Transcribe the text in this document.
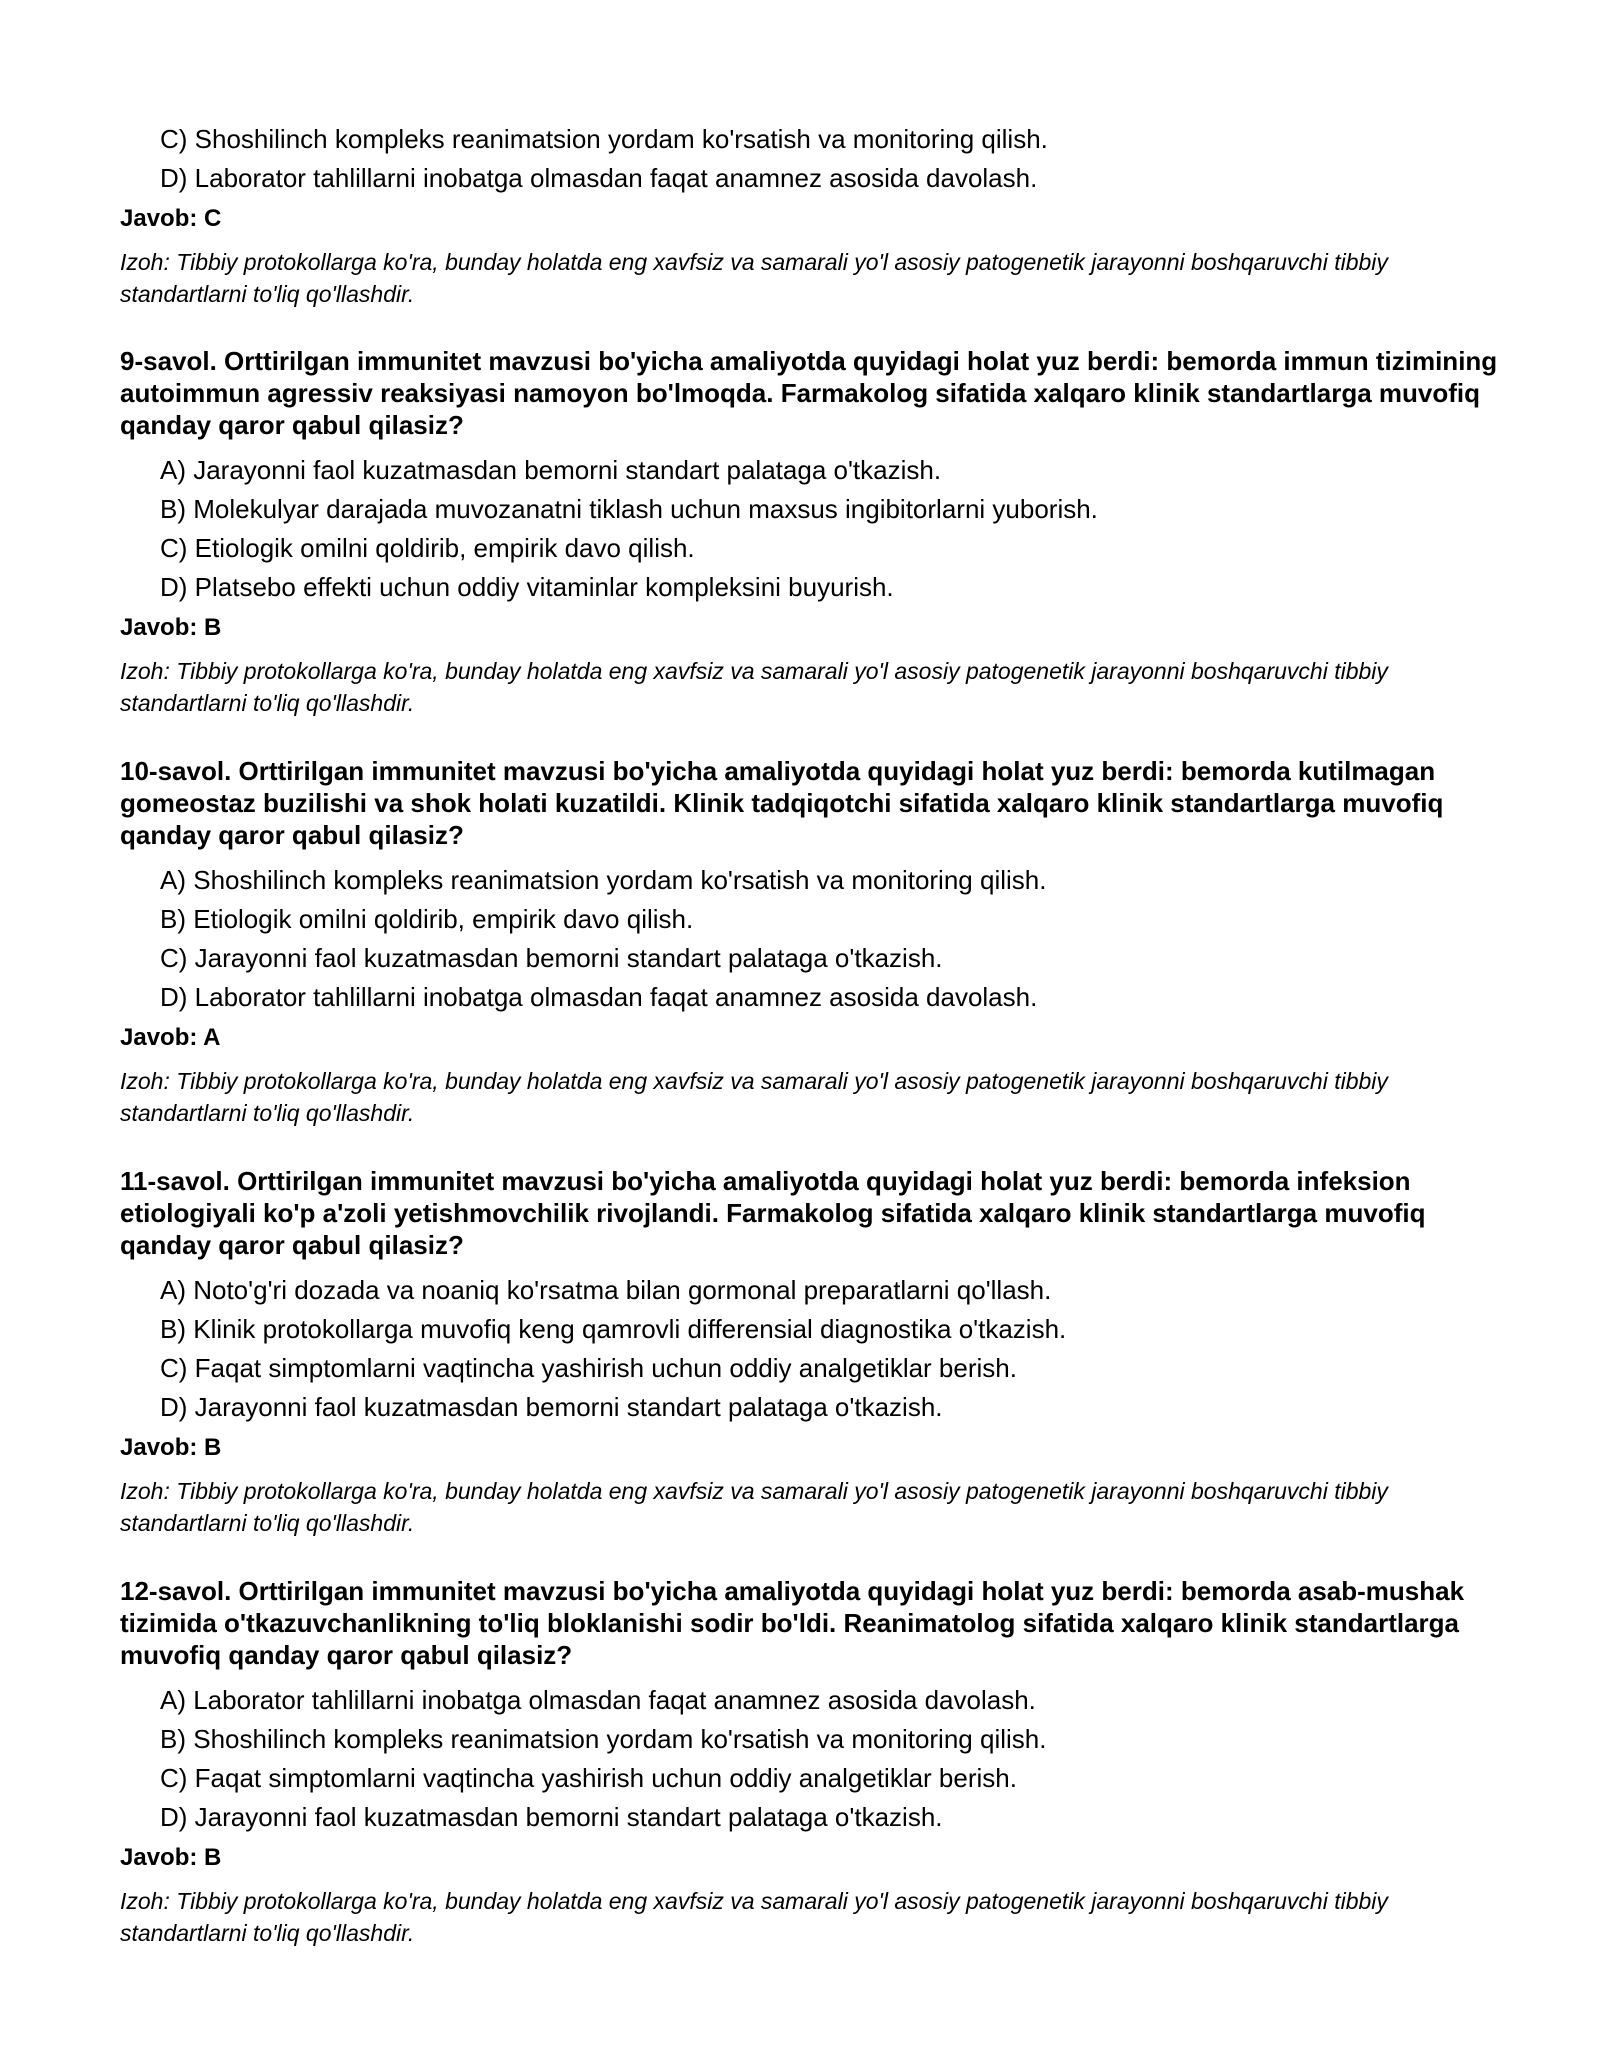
C) Shoshilinch kompleks reanimatsion yordam ko'rsatish va monitoring qilish.

D) Laborator tahlillarni inobatga olmasdan faqat anamnez asosida davolash.

Javob: C

Izoh: Tibbiy protokollarga ko'ra, bunday holatda eng xavfsiz va samarali yo'l asosiy patogenetik jarayonni boshqaruvchi tibbiy standartlarni to'liq qo'llashdir.

9-savol. Orttirilgan immunitet mavzusi bo'yicha amaliyotda quyidagi holat yuz berdi: bemorda immun tizimining autoimmun agressiv reaksiyasi namoyon bo'lmoqda. Farmakolog sifatida xalqaro klinik standartlarga muvofiq qanday qaror qabul qilasiz?

A) Jarayonni faol kuzatmasdan bemorni standart palataga o'tkazish.

B) Molekulyar darajada muvozanatni tiklash uchun maxsus ingibitorlarni yuborish.

C) Etiologik omilni qoldirib, empirik davo qilish.

D) Platsebo effekti uchun oddiy vitaminlar kompleksini buyurish.

Javob: B

Izoh: Tibbiy protokollarga ko'ra, bunday holatda eng xavfsiz va samarali yo'l asosiy patogenetik jarayonni boshqaruvchi tibbiy standartlarni to'liq qo'llashdir.

10-savol. Orttirilgan immunitet mavzusi bo'yicha amaliyotda quyidagi holat yuz berdi: bemorda kutilmagan gomeostaz buzilishi va shok holati kuzatildi. Klinik tadqiqotchi sifatida xalqaro klinik standartlarga muvofiq qanday qaror qabul qilasiz?

A) Shoshilinch kompleks reanimatsion yordam ko'rsatish va monitoring qilish.

B) Etiologik omilni qoldirib, empirik davo qilish.

C) Jarayonni faol kuzatmasdan bemorni standart palataga o'tkazish.

D) Laborator tahlillarni inobatga olmasdan faqat anamnez asosida davolash.

Javob: A

Izoh: Tibbiy protokollarga ko'ra, bunday holatda eng xavfsiz va samarali yo'l asosiy patogenetik jarayonni boshqaruvchi tibbiy standartlarni to'liq qo'llashdir.

11-savol. Orttirilgan immunitet mavzusi bo'yicha amaliyotda quyidagi holat yuz berdi: bemorda infeksion etiologiyali ko'p a'zoli yetishmovchilik rivojlandi. Farmakolog sifatida xalqaro klinik standartlarga muvofiq qanday qaror qabul qilasiz?

A) Noto'g'ri dozada va noaniq ko'rsatma bilan gormonal preparatlarni qo'llash.

B) Klinik protokollarga muvofiq keng qamrovli differensial diagnostika o'tkazish.

C) Faqat simptomlarni vaqtincha yashirish uchun oddiy analgetiklar berish.

D) Jarayonni faol kuzatmasdan bemorni standart palataga o'tkazish.

Javob: B

Izoh: Tibbiy protokollarga ko'ra, bunday holatda eng xavfsiz va samarali yo'l asosiy patogenetik jarayonni boshqaruvchi tibbiy standartlarni to'liq qo'llashdir.

12-savol. Orttirilgan immunitet mavzusi bo'yicha amaliyotda quyidagi holat yuz berdi: bemorda asab-mushak tizimida o'tkazuvchanlikning to'liq bloklanishi sodir bo'ldi. Reanimatolog sifatida xalqaro klinik standartlarga muvofiq qanday qaror qabul qilasiz?

A) Laborator tahlillarni inobatga olmasdan faqat anamnez asosida davolash.

B) Shoshilinch kompleks reanimatsion yordam ko'rsatish va monitoring qilish.

C) Faqat simptomlarni vaqtincha yashirish uchun oddiy analgetiklar berish.

D) Jarayonni faol kuzatmasdan bemorni standart palataga o'tkazish.

Javob: B

Izoh: Tibbiy protokollarga ko'ra, bunday holatda eng xavfsiz va samarali yo'l asosiy patogenetik jarayonni boshqaruvchi tibbiy standartlarni to'liq qo'llashdir.
